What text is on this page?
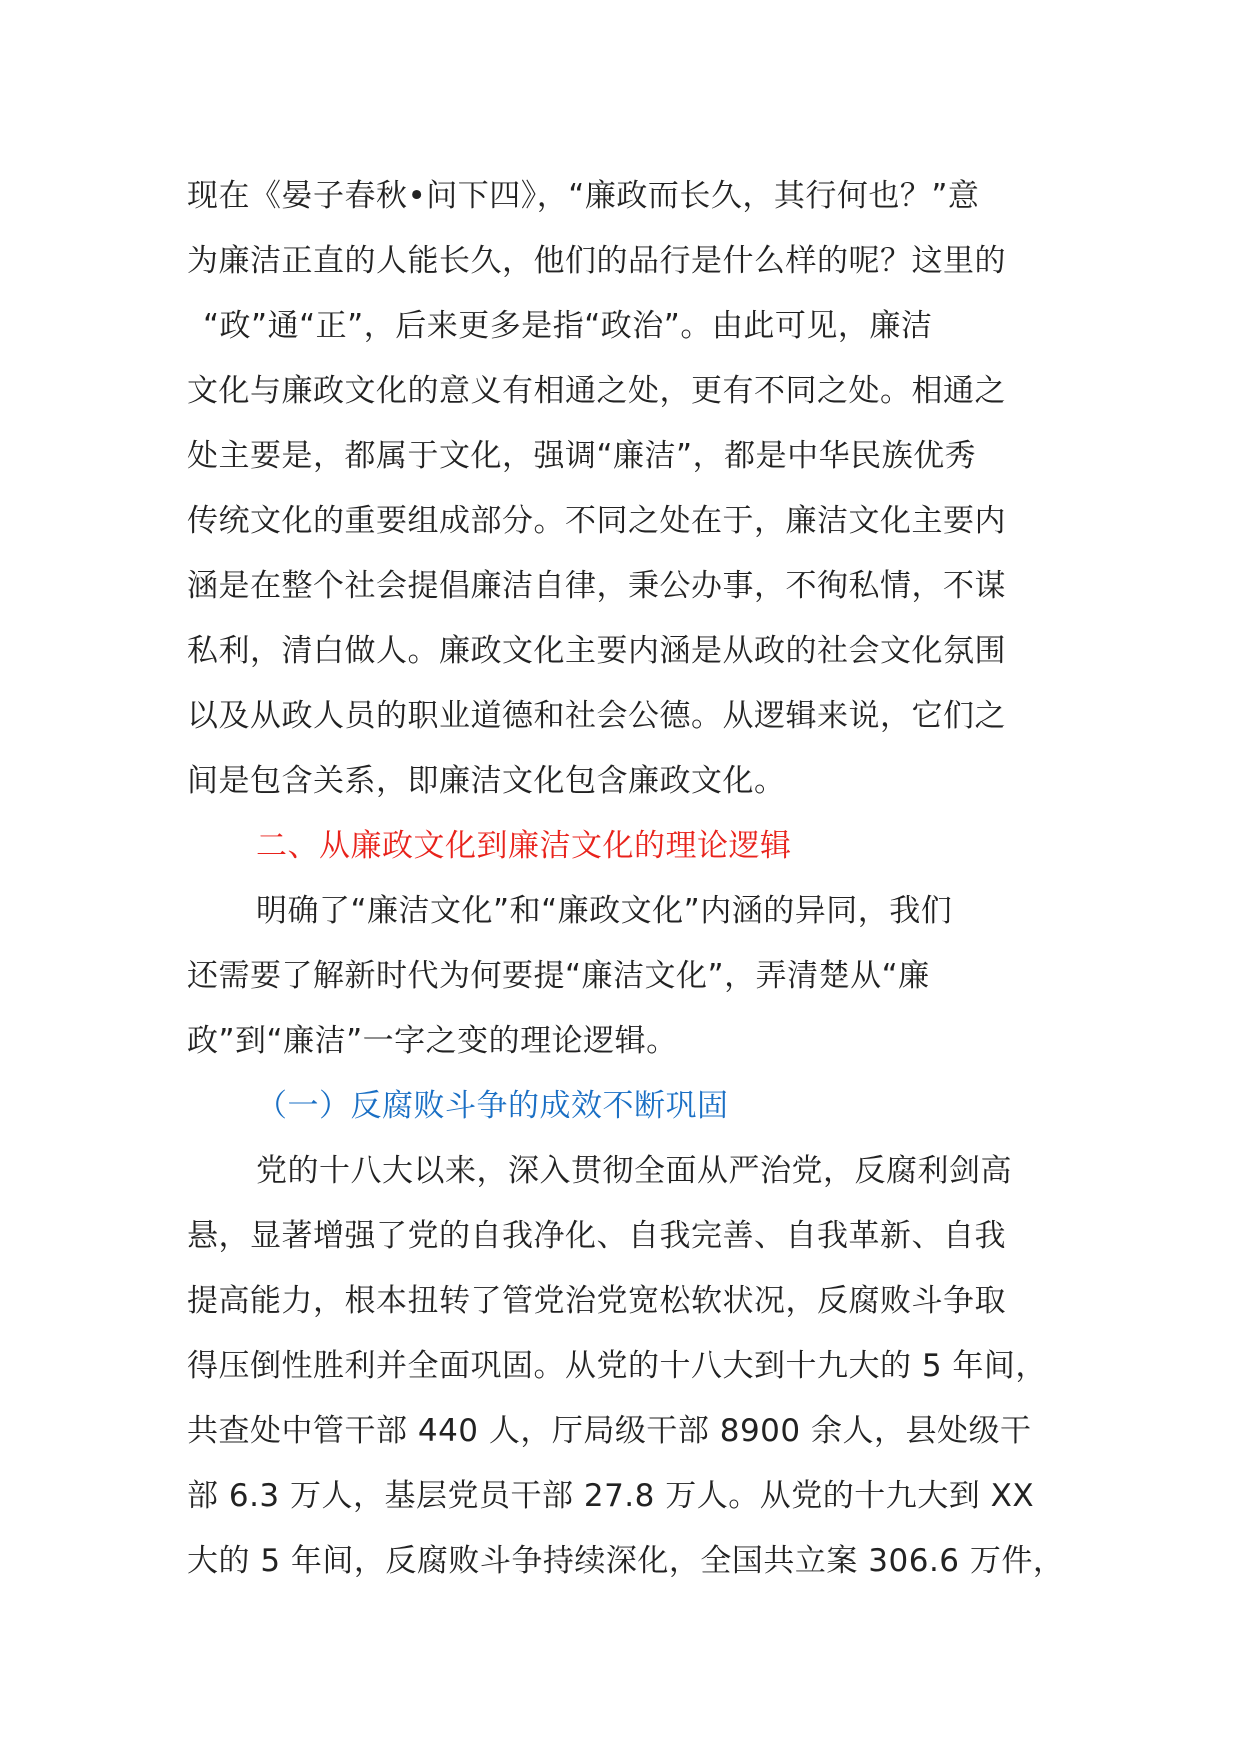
现在《晏子春秋•问下四》，“廉政而长久，其行何也？”意
为廉洁正直的人能长久，他们的品行是什么样的呢？这里的
“政”通“正”，后来更多是指“政治”。由此可见，廉洁
文化与廉政文化的意义有相通之处，更有不同之处。相通之
处主要是，都属于文化，强调“廉洁”，都是中华民族优秀
传统文化的重要组成部分。不同之处在于，廉洁文化主要内
涵是在整个社会提倡廉洁自律，秉公办事，不徇私情，不谋
私利，清白做人。廉政文化主要内涵是从政的社会文化氛围
以及从政人员的职业道德和社会公德。从逻辑来说，它们之
间是包含关系，即廉洁文化包含廉政文化。
二、从廉政文化到廉洁文化的理论逻辑
明确了“廉洁文化”和“廉政文化”内涵的异同，我们
还需要了解新时代为何要提“廉洁文化”，弄清楚从“廉
政”到“廉洁”一字之变的理论逻辑。
（一）反腐败斗争的成效不断巩固
党的十八大以来，深入贯彻全面从严治党，反腐利剑高
悬，显著增强了党的自我净化、自我完善、自我革新、自我
提高能力，根本扭转了管党治党宽松软状况，反腐败斗争取
得压倒性胜利并全面巩固。从党的十八大到十九大的 5 年间，
共查处中管干部 440 人，厅局级干部 8900 余人，县处级干
部 6.3 万人，基层党员干部 27.8 万人。从党的十九大到 XX
大的 5 年间，反腐败斗争持续深化，全国共立案 306.6 万件，
